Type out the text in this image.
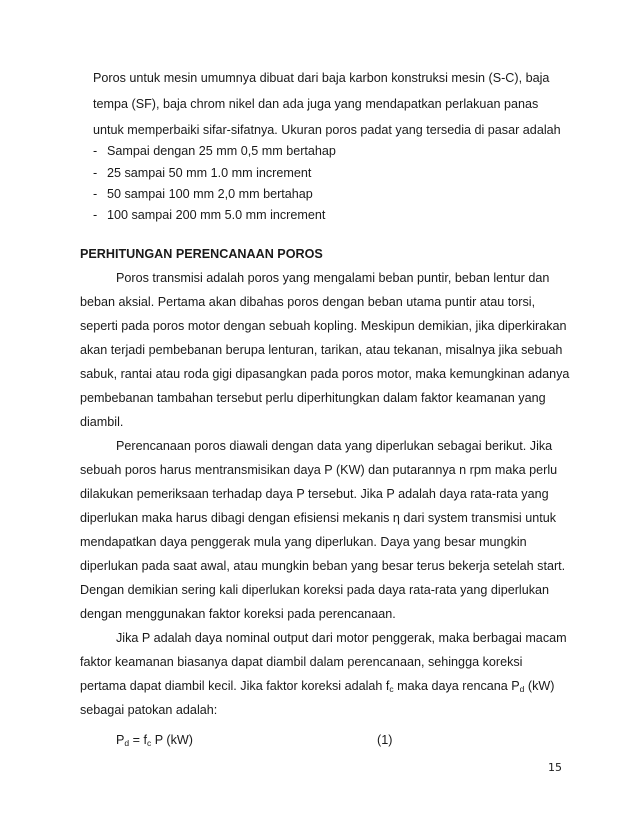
Poros untuk mesin umumnya dibuat dari baja karbon konstruksi mesin (S-C), baja
tempa (SF), baja chrom nikel dan ada juga yang mendapatkan perlakuan panas
untuk memperbaiki sifar-sifatnya. Ukuran poros padat yang tersedia di pasar adalah
- Sampai dengan 25 mm 0,5 mm bertahap
- 25 sampai 50 mm 1.0 mm increment
- 50 sampai 100 mm 2,0 mm bertahap
- 100 sampai 200 mm 5.0 mm increment
PERHITUNGAN PERENCANAAN POROS
Poros transmisi adalah poros yang mengalami beban puntir, beban lentur dan
beban aksial. Pertama akan dibahas poros dengan beban utama puntir atau torsi,
seperti pada poros motor dengan sebuah kopling. Meskipun demikian, jika diperkirakan
akan terjadi pembebanan berupa lenturan, tarikan, atau tekanan, misalnya jika sebuah
sabuk, rantai atau roda gigi dipasangkan pada poros motor, maka kemungkinan adanya
pembebanan tambahan tersebut perlu diperhitungkan dalam faktor keamanan yang
diambil.
Perencanaan poros diawali dengan data yang diperlukan sebagai berikut. Jika
sebuah poros harus mentransmisikan daya P (KW) dan putarannya n rpm maka perlu
dilakukan pemeriksaan terhadap daya P tersebut. Jika P adalah daya rata-rata yang
diperlukan maka harus dibagi dengan efisiensi mekanis η dari system transmisi untuk
mendapatkan daya penggerak mula yang diperlukan. Daya yang besar mungkin
diperlukan pada saat awal, atau mungkin beban yang besar terus bekerja setelah start.
Dengan demikian sering kali diperlukan koreksi pada daya rata-rata yang diperlukan
dengan menggunakan faktor koreksi pada perencanaan.
Jika P adalah daya nominal output dari motor penggerak, maka berbagai macam
faktor keamanan biasanya dapat diambil dalam perencanaan, sehingga koreksi
pertama dapat diambil kecil. Jika faktor koreksi adalah $f_c$ maka daya rencana $P_d$ (kW)
sebagai patokan adalah:
$P_d = f_c$ P (kW)	(1)
15
